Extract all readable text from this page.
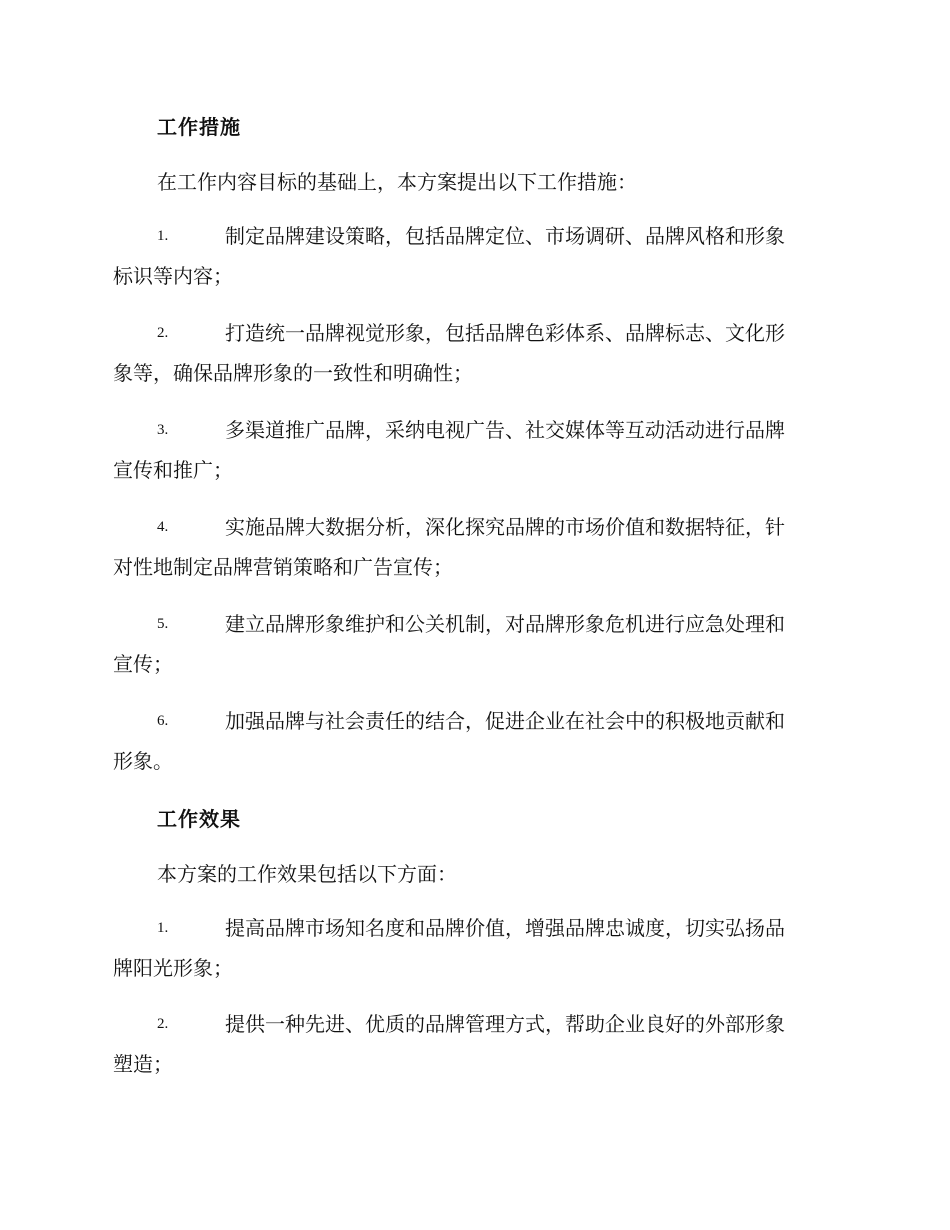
工作措施
在工作内容目标的基础上，本方案提出以下工作措施：
1.	制定品牌建设策略，包括品牌定位、市场调研、品牌风格和形象
标识等内容；
2.	打造统一品牌视觉形象，包括品牌色彩体系、品牌标志、文化形
象等，确保品牌形象的一致性和明确性；
3.	多渠道推广品牌，采纳电视广告、社交媒体等互动活动进行品牌
宣传和推广；
4.	实施品牌大数据分析，深化探究品牌的市场价值和数据特征，针
对性地制定品牌营销策略和广告宣传；
5.	建立品牌形象维护和公关机制，对品牌形象危机进行应急处理和
宣传；
6.	加强品牌与社会责任的结合，促进企业在社会中的积极地贡献和
形象。
工作效果
本方案的工作效果包括以下方面：
1.	提高品牌市场知名度和品牌价值，增强品牌忠诚度，切实弘扬品
牌阳光形象；
2.	提供一种先进、优质的品牌管理方式，帮助企业良好的外部形象
塑造；
